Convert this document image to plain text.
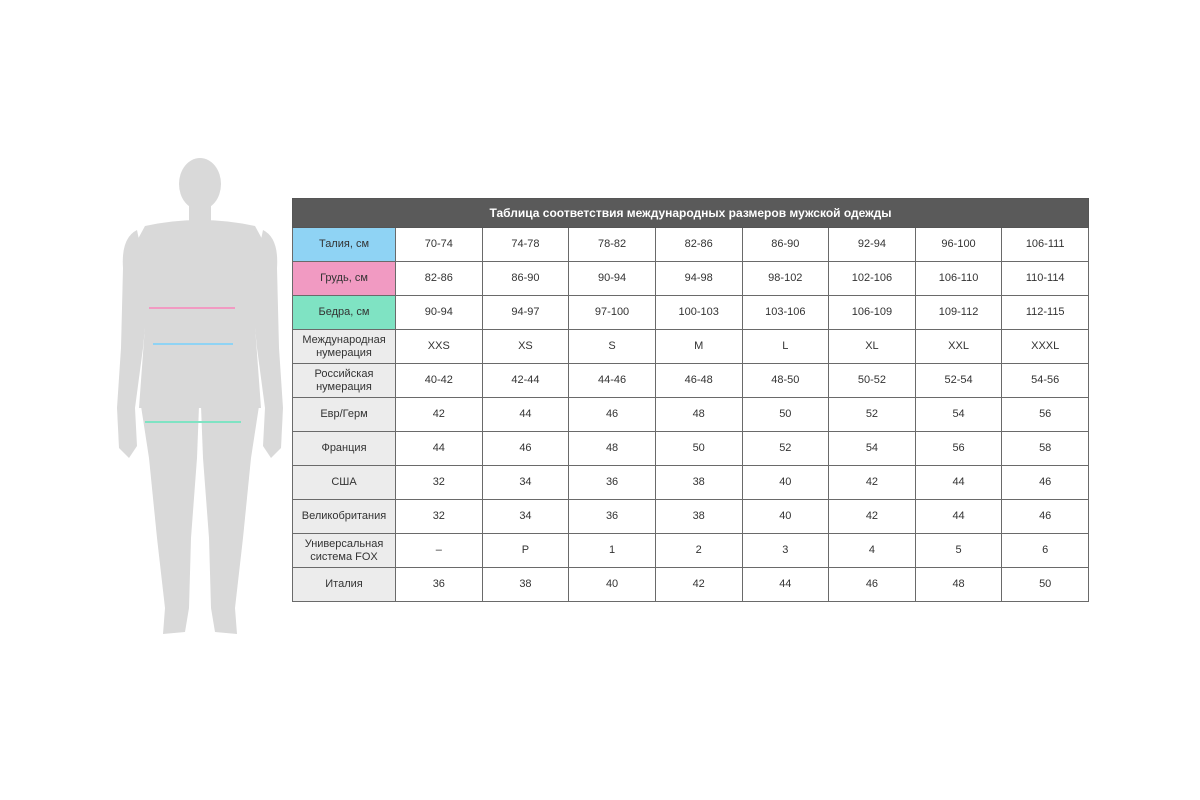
Таблица соответствия международных размеров мужской одежды								
Талия, см	70-74	74-78	78-82	82-86	86-90	92-94	96-100	106-111
Грудь, см	82-86	86-90	90-94	94-98	98-102	102-106	106-110	110-114
Бедра, см	90-94	94-97	97-100	100-103	103-106	106-109	109-112	112-115
Международная
нумерация	XXS	XS	S	M	L	XL	XXL	XXXL
Российская
нумерация	40-42	42-44	44-46	46-48	48-50	50-52	52-54	54-56
Евр/Герм	42	44	46	48	50	52	54	56
Франция	44	46	48	50	52	54	56	58
США	32	34	36	38	40	42	44	46
Великобритания	32	34	36	38	40	42	44	46
Универсальная
система FOX	–	P	1	2	3	4	5	6
Италия	36	38	40	42	44	46	48	50
